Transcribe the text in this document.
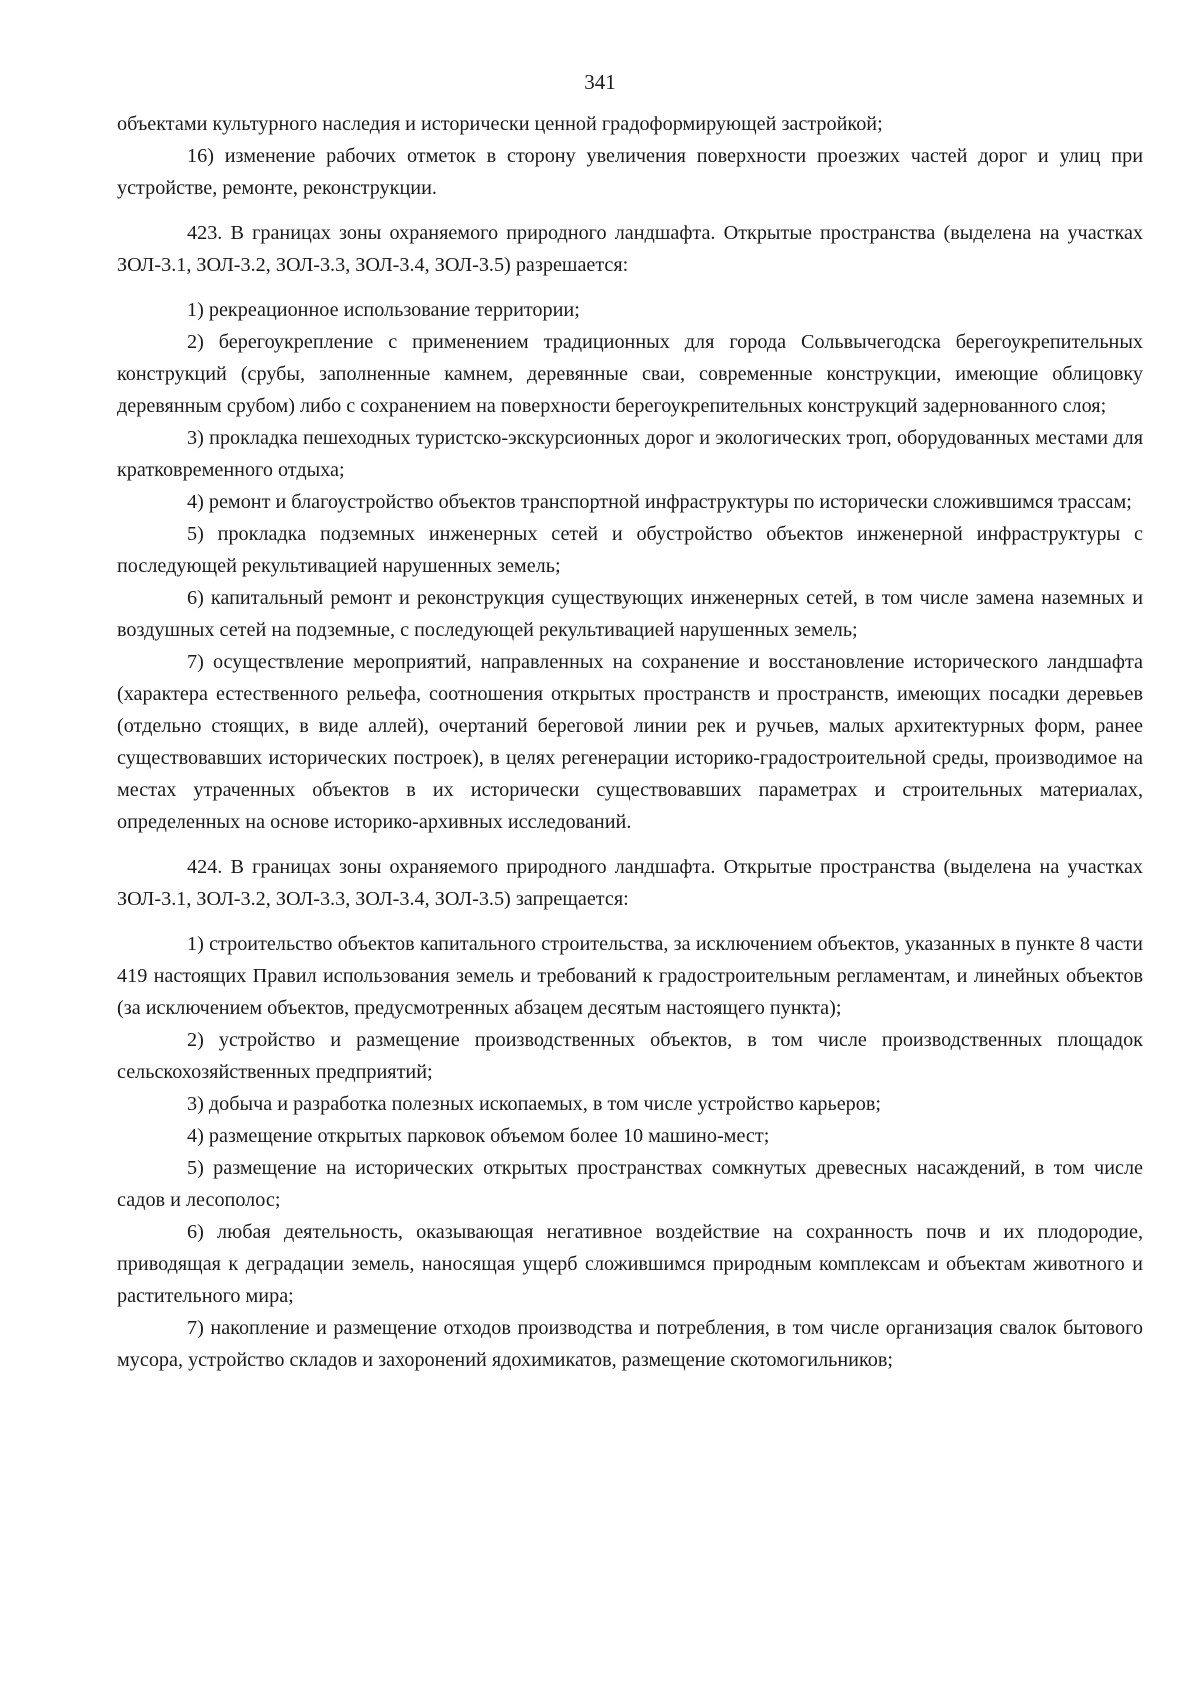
341

объектами культурного наследия и исторически ценной градоформирующей застройкой;

16) изменение рабочих отметок в сторону увеличения поверхности проезжих частей дорог и улиц при устройстве, ремонте, реконструкции.

423. В границах зоны охраняемого природного ландшафта. Открытые пространства (выделена на участках ЗОЛ-3.1, ЗОЛ-3.2, ЗОЛ-3.3, ЗОЛ-3.4, ЗОЛ-3.5) разрешается:

1) рекреационное использование территории;

2) берегоукрепление с применением традиционных для города Сольвычегодска берегоукрепительных конструкций (срубы, заполненные камнем, деревянные сваи, современные конструкции, имеющие облицовку деревянным срубом) либо с сохранением на поверхности берегоукрепительных конструкций задернованного слоя;

3) прокладка пешеходных туристско-экскурсионных дорог и экологических троп, оборудованных местами для кратковременного отдыха;

4) ремонт и благоустройство объектов транспортной инфраструктуры по исторически сложившимся трассам;

5) прокладка подземных инженерных сетей и обустройство объектов инженерной инфраструктуры с последующей рекультивацией нарушенных земель;

6) капитальный ремонт и реконструкция существующих инженерных сетей, в том числе замена наземных и воздушных сетей на подземные, с последующей рекультивацией нарушенных земель;

7) осуществление мероприятий, направленных на сохранение и восстановление исторического ландшафта (характера естественного рельефа, соотношения открытых пространств и пространств, имеющих посадки деревьев (отдельно стоящих, в виде аллей), очертаний береговой линии рек и ручьев, малых архитектурных форм, ранее существовавших исторических построек), в целях регенерации историко-градостроительной среды, производимое на местах утраченных объектов в их исторически существовавших параметрах и строительных материалах, определенных на основе историко-архивных исследований.

424. В границах зоны охраняемого природного ландшафта. Открытые пространства (выделена на участках ЗОЛ-3.1, ЗОЛ-3.2, ЗОЛ-3.3, ЗОЛ-3.4, ЗОЛ-3.5) запрещается:

1) строительство объектов капитального строительства, за исключением объектов, указанных в пункте 8 части 419 настоящих Правил использования земель и требований к градостроительным регламентам, и линейных объектов (за исключением объектов, предусмотренных абзацем десятым настоящего пункта);

2) устройство и размещение производственных объектов, в том числе производственных площадок сельскохозяйственных предприятий;

3) добыча и разработка полезных ископаемых, в том числе устройство карьеров;

4) размещение открытых парковок объемом более 10 машино-мест;

5) размещение на исторических открытых пространствах сомкнутых древесных насаждений, в том числе садов и лесополос;

6) любая деятельность, оказывающая негативное воздействие на сохранность почв и их плодородие, приводящая к деградации земель, наносящая ущерб сложившимся природным комплексам и объектам животного и растительного мира;

7) накопление и размещение отходов производства и потребления, в том числе организация свалок бытового мусора, устройство складов и захоронений ядохимикатов, размещение скотомогильников;
